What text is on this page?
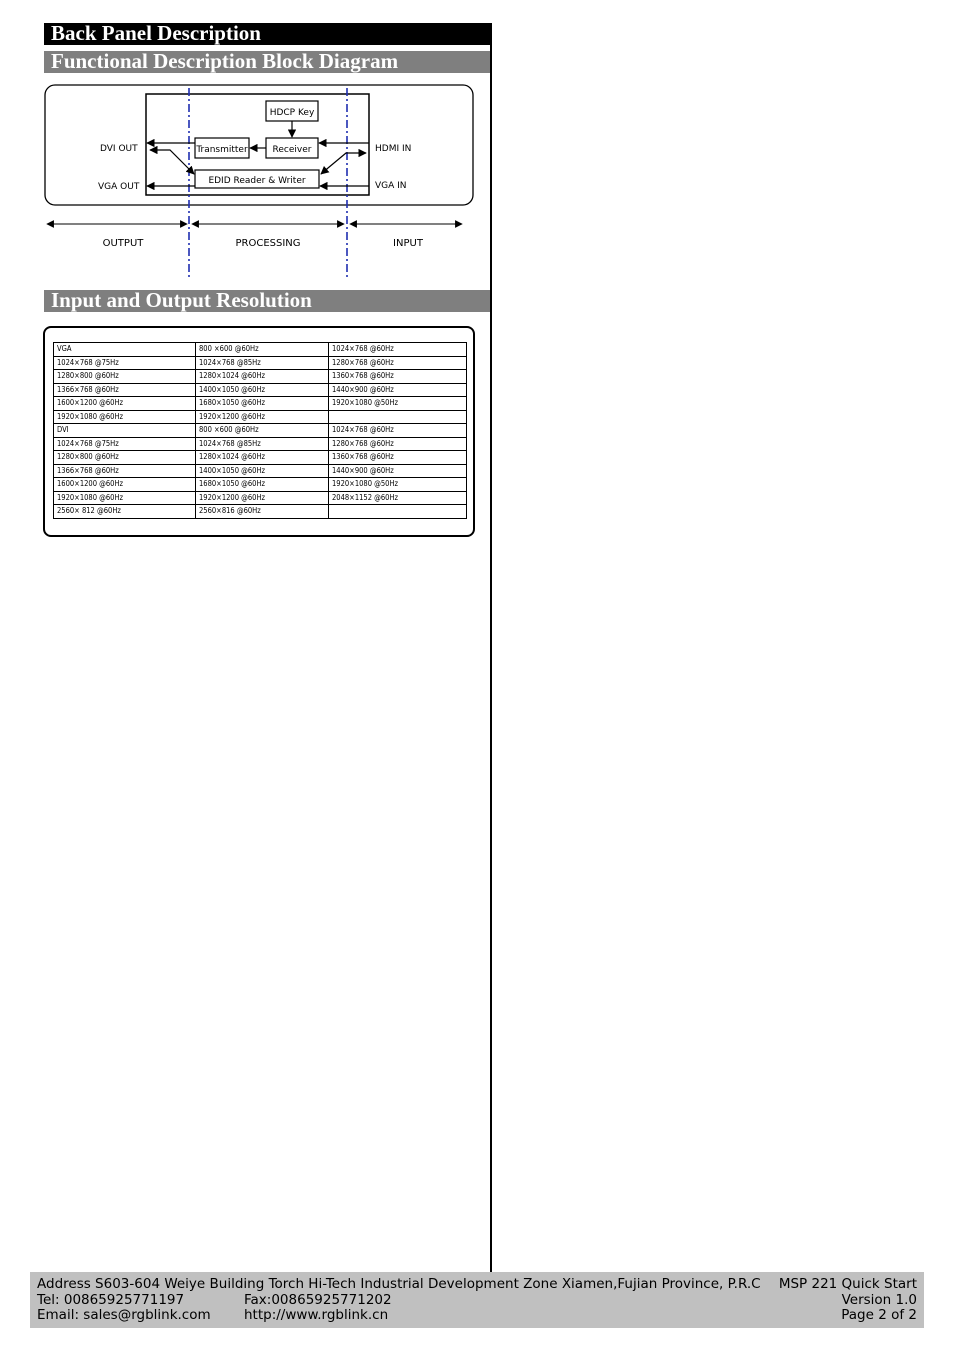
Back Panel Description
Functional Description Block Diagram
HDCP Key
Transmitter	Receiver
EDID Reader & Writer
DVI OUT
VGA OUT
HDMI IN
VGA IN
OUTPUT	PROCESSING	INPUT
Input and Output Resolution
VGA	800 ×600 @60Hz	1024×768 @60Hz
1024×768 @75Hz	1024×768 @85Hz	1280×768 @60Hz
1280×800 @60Hz	1280×1024 @60Hz	1360×768 @60Hz
1366×768 @60Hz	1400×1050 @60Hz	1440×900 @60Hz
1600×1200 @60Hz	1680×1050 @60Hz	1920×1080 @50Hz
1920×1080 @60Hz	1920×1200 @60Hz	
DVI	800 ×600 @60Hz	1024×768 @60Hz
1024×768 @75Hz	1024×768 @85Hz	1280×768 @60Hz
1280×800 @60Hz	1280×1024 @60Hz	1360×768 @60Hz
1366×768 @60Hz	1400×1050 @60Hz	1440×900 @60Hz
1600×1200 @60Hz	1680×1050 @60Hz	1920×1080 @50Hz
1920×1080 @60Hz	1920×1200 @60Hz	2048×1152 @60Hz
2560× 812 @60Hz	2560×816 @60Hz	
Address S603-604 Weiye Building Torch Hi-Tech Industrial Development Zone Xiamen,Fujian Province, P.R.C
Tel: 00865925771197	Fax:00865925771202
Email: sales@rgblink.com http://www.rgblink.cn
MSP 221 Quick Start
Version 1.0
Page 2 of 2
